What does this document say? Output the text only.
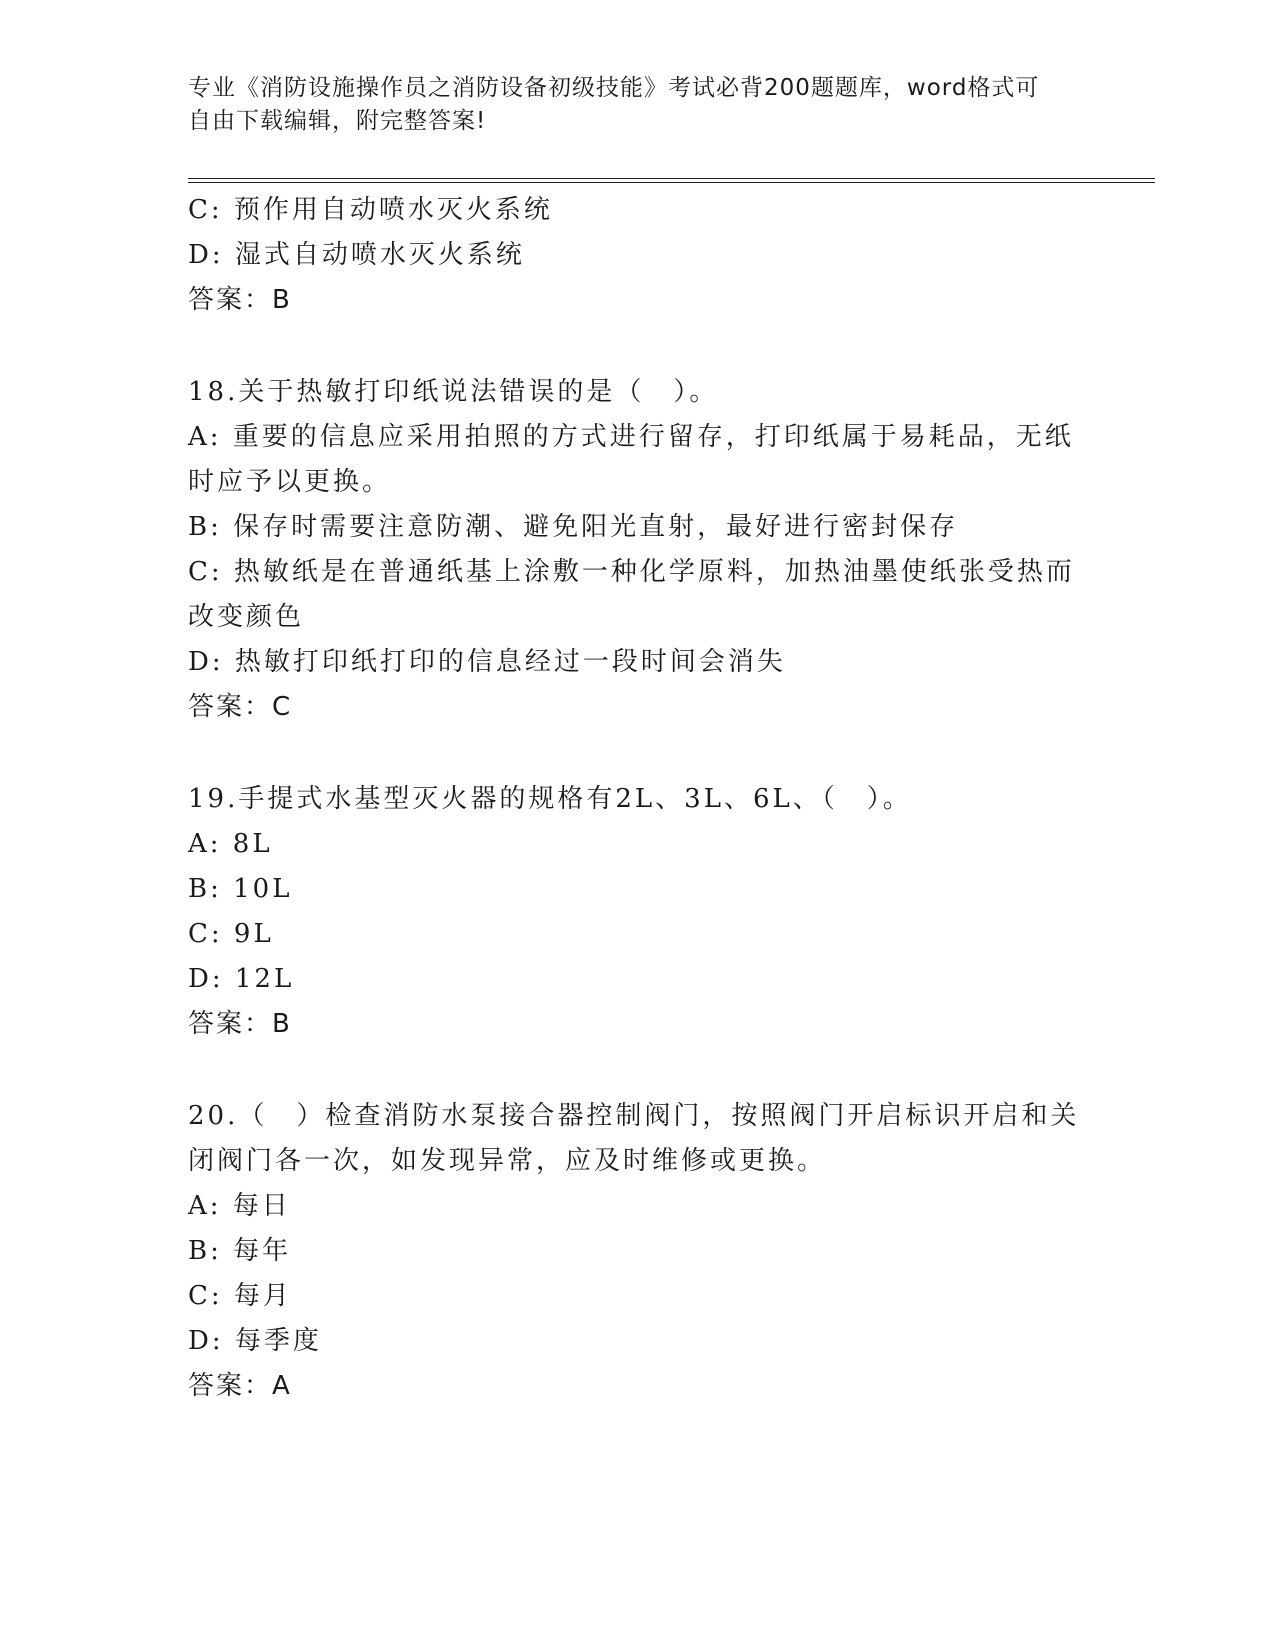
专业《消防设施操作员之消防设备初级技能》考试必背200题题库，word格式可
自由下载编辑，附完整答案!
C: 预作用自动喷水灭火系统
D: 湿式自动喷水灭火系统
答案：B
18.关于热敏打印纸说法错误的是（　）。
A: 重要的信息应采用拍照的方式进行留存，打印纸属于易耗品，无纸
时应予以更换。
B: 保存时需要注意防潮、避免阳光直射，最好进行密封保存
C: 热敏纸是在普通纸基上涂敷一种化学原料，加热油墨使纸张受热而
改变颜色
D: 热敏打印纸打印的信息经过一段时间会消失
答案：C
19.手提式水基型灭火器的规格有2L、3L、6L、（　）。
A: 8L
B: 10L
C: 9L
D: 12L
答案：B
20.（　）检查消防水泵接合器控制阀门，按照阀门开启标识开启和关
闭阀门各一次，如发现异常，应及时维修或更换。
A: 每日
B: 每年
C: 每月
D: 每季度
答案：A
